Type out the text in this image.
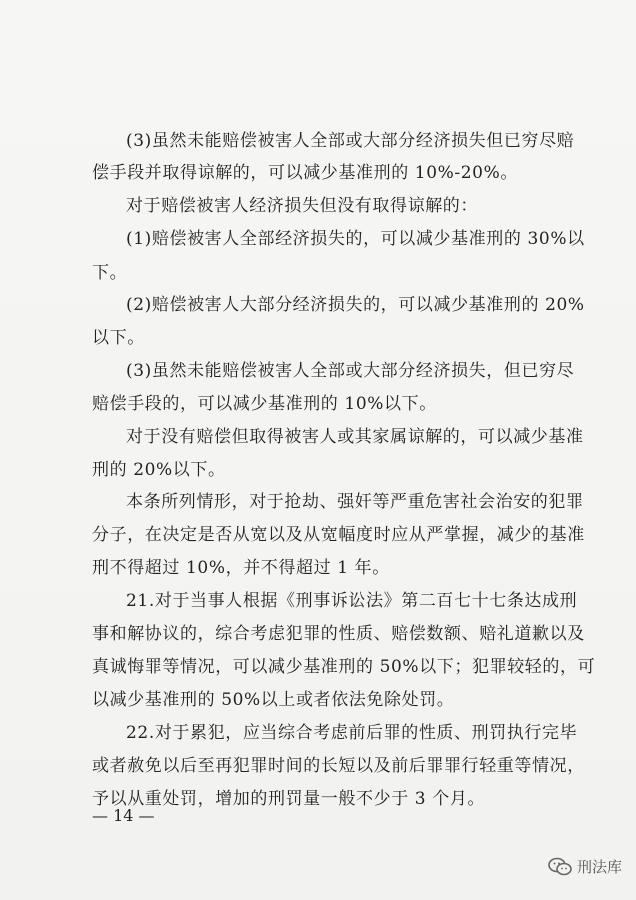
(3)虽然未能赔偿被害人全部或大部分经济损失但已穷尽赔
偿手段并取得谅解的，可以减少基准刑的 10%-20%。
对于赔偿被害人经济损失但没有取得谅解的：
(1)赔偿被害人全部经济损失的，可以减少基准刑的 30%以
下。
(2)赔偿被害人大部分经济损失的，可以减少基准刑的 20%
以下。
(3)虽然未能赔偿被害人全部或大部分经济损失，但已穷尽
赔偿手段的，可以减少基准刑的 10%以下。
对于没有赔偿但取得被害人或其家属谅解的，可以减少基准
刑的 20%以下。
本条所列情形，对于抢劫、强奸等严重危害社会治安的犯罪
分子，在决定是否从宽以及从宽幅度时应从严掌握，减少的基准
刑不得超过 10%，并不得超过 1 年。
21.对于当事人根据《刑事诉讼法》第二百七十七条达成刑
事和解协议的，综合考虑犯罪的性质、赔偿数额、赔礼道歉以及
真诚悔罪等情况，可以减少基准刑的 50%以下；犯罪较轻的，可
以减少基准刑的 50%以上或者依法免除处罚。
22.对于累犯，应当综合考虑前后罪的性质、刑罚执行完毕
或者赦免以后至再犯罪时间的长短以及前后罪罪行轻重等情况，
予以从重处罚，增加的刑罚量一般不少于 3 个月。
— 14 —
刑法库
